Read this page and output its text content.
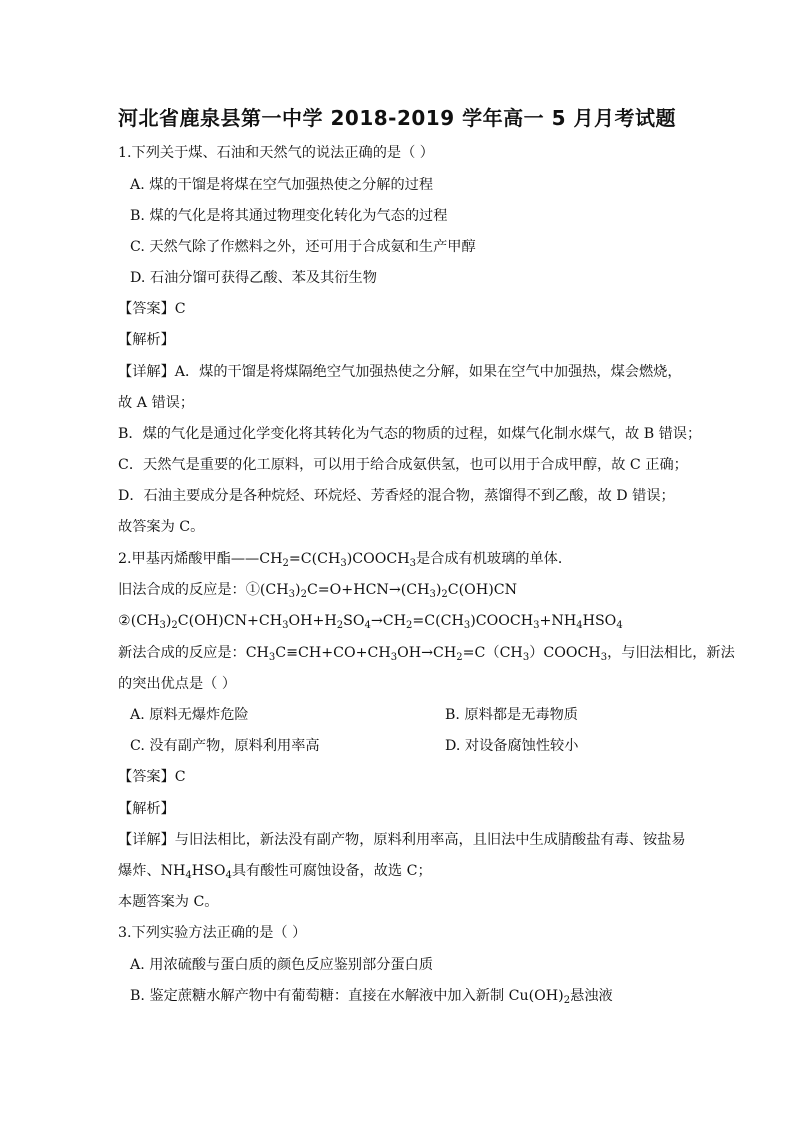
河北省鹿泉县第一中学 2018-2019 学年高一 5 月月考试题
1.下列关于煤、石油和天然气的说法正确的是（ ）
A. 煤的干馏是将煤在空气加强热使之分解的过程
B. 煤的气化是将其通过物理变化转化为气态的过程
C. 天然气除了作燃料之外，还可用于合成氨和生产甲醇
D. 石油分馏可获得乙酸、苯及其衍生物
【答案】C
【解析】
【详解】A．煤的干馏是将煤隔绝空气加强热使之分解，如果在空气中加强热，煤会燃烧，
故 A 错误；
B．煤的气化是通过化学变化将其转化为气态的物质的过程，如煤气化制水煤气，故 B 错误；
C．天然气是重要的化工原料，可以用于给合成氨供氢，也可以用于合成甲醇，故 C 正确；
D．石油主要成分是各种烷烃、环烷烃、芳香烃的混合物，蒸馏得不到乙酸，故 D 错误；
故答案为 C。
2.甲基丙烯酸甲酯$——CH_2=C(CH_3)COOCH_3$是合成有机玻璃的单体．
旧法合成的反应是：$①(CH_3)_2C=O+HCN\to(CH_3)_2C(OH)CN$
$②(CH_3)_2C(OH)CN+CH_3OH+H_2SO_4\to CH_2=C(CH_3)COOCH_3+NH_4HSO_4$
新法合成的反应是：$CH_3C\equiv CH+CO+CH_3OH\to CH_2=C(CH_3)COOCH_3$，与旧法相比，新法
的突出优点是（ ）
A. 原料无爆炸危险	B. 原料都是无毒物质
C. 没有副产物，原料利用率高	D. 对设备腐蚀性较小
【答案】C
【解析】
【详解】与旧法相比，新法没有副产物，原料利用率高，且旧法中生成腈酸盐有毒、铵盐易
爆炸、$NH_4HSO_4$具有酸性可腐蚀设备，故选 C；
本题答案为 C。
3.下列实验方法正确的是（ ）
A. 用浓硫酸与蛋白质的颜色反应鉴别部分蛋白质
B. 鉴定蔗糖水解产物中有葡萄糖：直接在水解液中加入新制 $Cu(OH)_2$悬浊液
